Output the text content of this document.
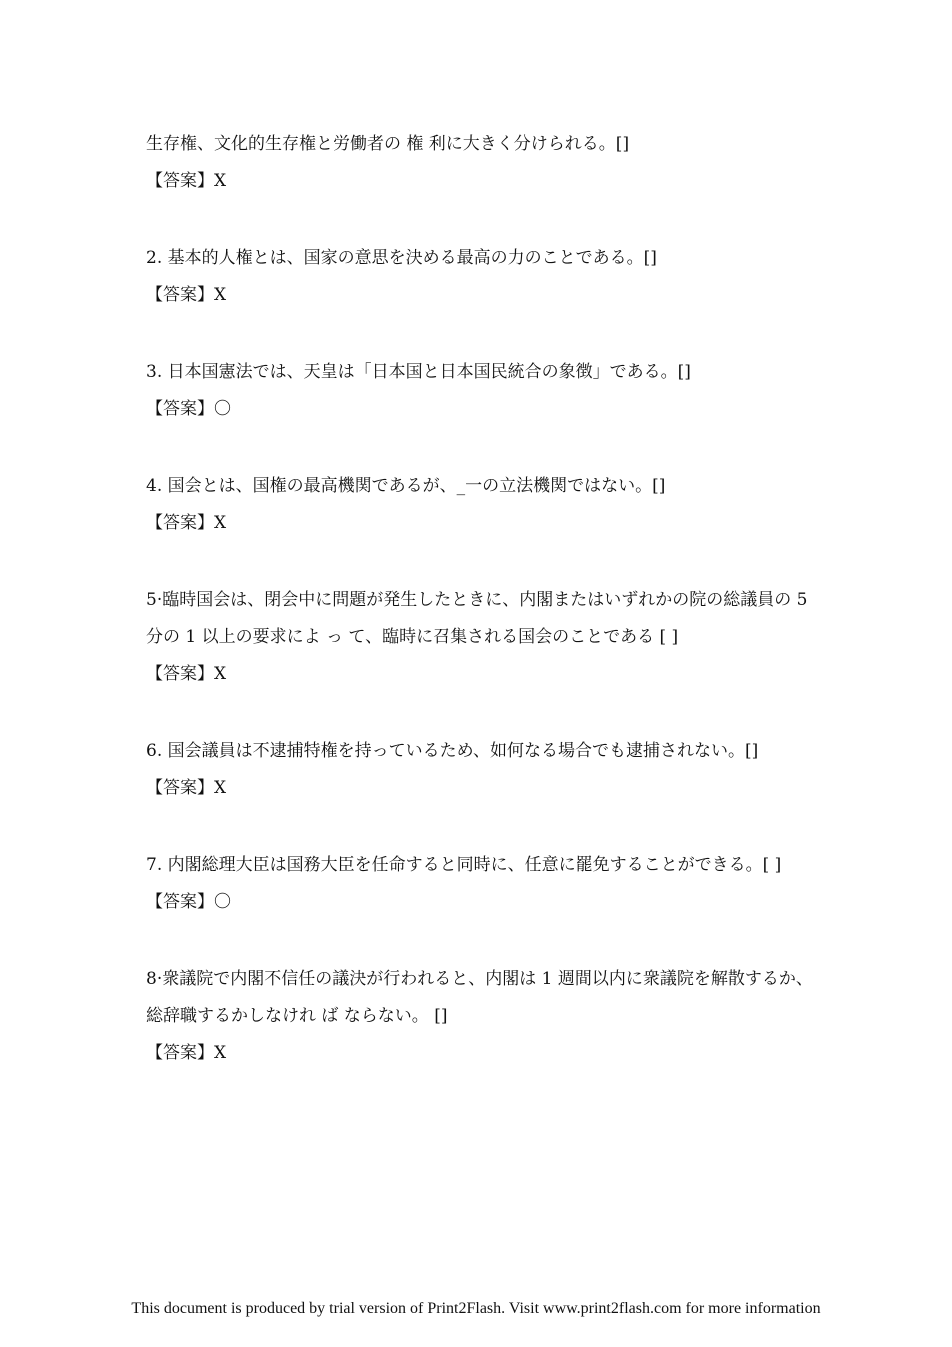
生存権、文化的生存権と労働者の 権 利に大きく分けられる。[]

【答案】X

2. 基本的人権とは、国家の意思を決める最高の力のことである。[]

【答案】X

3. 日本国憲法では、天皇は「日本国と日本国民統合の象徴」である。[]

【答案】〇

4. 国会とは、国権の最高機関であるが、_一の立法機関ではない。[]

【答案】X

5·臨時国会は、閉会中に問題が発生したときに、内閣またはいずれかの院の総議員の 5 分の 1 以上の要求によ っ て、臨時に召集される国会のことである [ ]

【答案】X

6. 国会議員は不逮捕特権を持っているため、如何なる場合でも逮捕されない。[]

【答案】X

7. 内閣総理大臣は国務大臣を任命すると同時に、任意に罷免することができる。[ ]

【答案】〇

8·衆議院で内閣不信任の議決が行われると、内閣は 1 週間以内に衆議院を解散するか、総辞職するかしなけれ ば ならない。 []

【答案】X

This document is produced by trial version of Print2Flash. Visit www.print2flash.com for more information
